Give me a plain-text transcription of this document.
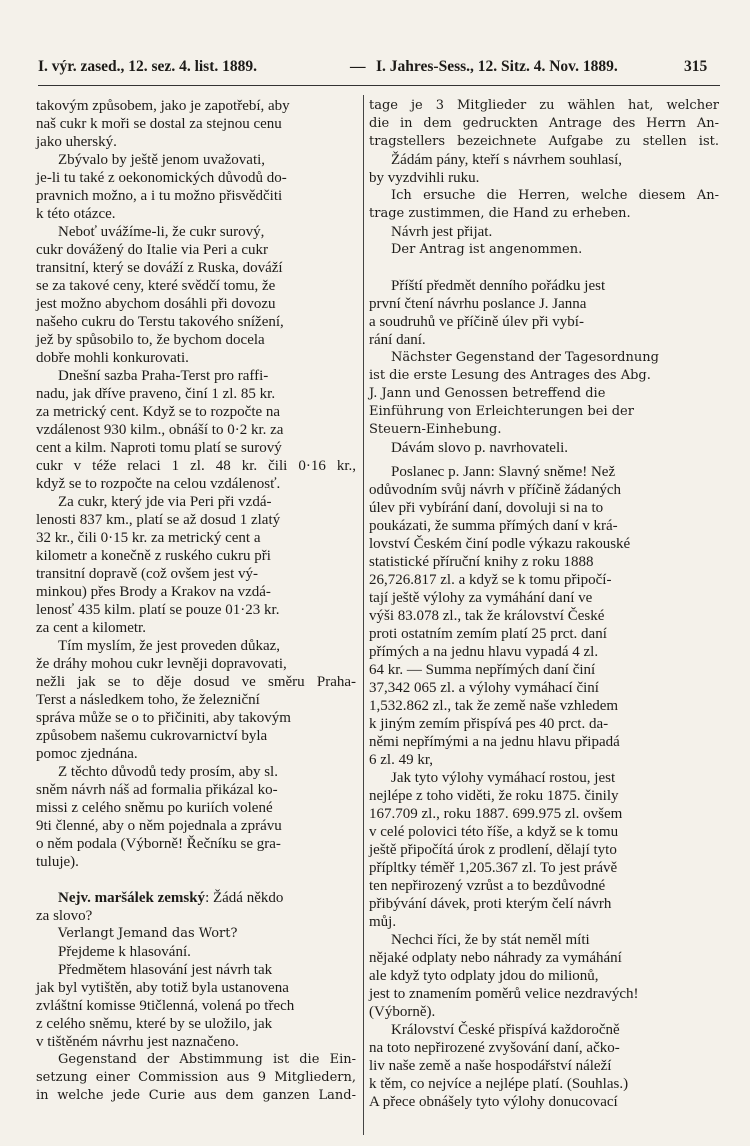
I. výr. zased., 12. sez. 4. list. 1889.	— I. Jahres-Sess., 12. Sitz. 4. Nov. 1889.	315
takovým způsobem, jako je zapotřebí, aby
naš cukr k moři se dostal za stejnou cenu
jako uherský.
Zbývalo by ještě jenom uvažovati,
je-li tu také z oekonomických důvodů do-
pravnich možno, a i tu možno přisvědčiti
k této otázce.
Neboť uvážíme-li, že cukr surový,
cukr dovážený do Italie via Peri a cukr
transitní, který se dováží z Ruska, dováží
se za takové ceny, které svědčí tomu, že
jest možno abychom dosáhli při dovozu
našeho cukru do Terstu takového snížení,
jež by spůsobilo to, že bychom docela
dobře mohli konkurovati.
Dnešní sazba Praha-Terst pro raffi-
nadu, jak dříve praveno, činí 1 zl. 85 kr.
za metrický cent. Když se to rozpočte na
vzdálenost 930 kilm., obnáší to 0·2 kr. za
cent a kilm. Naproti tomu platí se surový
cukr v téže relaci 1 zl. 48 kr. čili 0·16 kr.,
když se to rozpočte na celou vzdálenosť.
Za cukr, který jde via Peri při vzdá-
lenosti 837 km., platí se až dosud 1 zlatý
32 kr., čili 0·15 kr. za metrický cent a
kilometr a konečně z ruského cukru při
transitní dopravě (což ovšem jest vý-
minkou) přes Brody a Krakov na vzdá-
lenosť 435 kilm. platí se pouze 01·23 kr.
za cent a kilometr.
Tím myslím, že jest proveden důkaz,
že dráhy mohou cukr levněji dopravovati,
nežli jak se to děje dosud ve směru Praha-
Terst a následkem toho, že železniční
správa může se o to přičiniti, aby takovým
způsobem našemu cukrovarnictví byla
pomoc zjednána.
Z těchto důvodů tedy prosím, aby sl.
sněm návrh náš ad formalia přikázal ko-
missi z celého sněmu po kuriích volené
9ti členné, aby o něm pojednala a zprávu
o něm podala (Výborně! Řečníku se gra-
tuluje).
Nejv. maršálek zemský: Žádá někdo
za slovo?
Verlangt Jemand das Wort?
Přejdeme k hlasování.
Předmětem hlasování jest návrh tak
jak byl vytištěn, aby totiž byla ustanovena
zvláštní komisse 9tičlenná, volená po třech
z celého sněmu, které by se uložilo, jak
v tištěném návrhu jest naznačeno.
Gegenstand der Abstimmung ist die Ein-
setzung einer Commission aus 9 Mitgliedern,
in welche jede Curie aus dem ganzen Land-
tage je 3 Mitglieder zu wählen hat, welcher
die in dem gedruckten Antrage des Herrn An-
tragstellers bezeichnete Aufgabe zu stellen ist.
Žádám pány, kteří s návrhem souhlasí,
by vyzdvihli ruku.
Ich ersuche die Herren, welche diesem An-
trage zustimmen, die Hand zu erheben.
Návrh jest přijat.
Der Antrag ist angenommen.
Příští předmět denního pořádku jest
první čtení návrhu poslance J. Janna
a soudruhů ve příčině úlev při vybí-
rání daní.
Nächster Gegenstand der Tagesordnung
ist die erste Lesung des Antrages des Abg.
J. Jann und Genossen betreffend die
Einführung von Erleichterungen bei der
Steuern-Einhebung.
Dávám slovo p. navrhovateli.
Poslanec p. Jann: Slavný sněme! Než
odůvodním svůj návrh v příčině žádaných
úlev při vybírání daní, dovoluji si na to
poukázati, že summa přímých daní v krá-
lovství Českém činí podle výkazu rakouské
statistické příruční knihy z roku 1888
26,726.817 zl. a když se k tomu připočí-
tají ještě výlohy za vymáhání daní ve
výši 83.078 zl., tak že království České
proti ostatním zemím platí 25 prct. daní
přímých a na jednu hlavu vypadá 4 zl.
64 kr. — Summa nepřímých daní činí
37,342 065 zl. a výlohy vymáhací činí
1,532.862 zl., tak že země naše vzhledem
k jiným zemím přispívá pes 40 prct. da-
němi nepřímými a na jednu hlavu připadá
6 zl. 49 kr,
Jak tyto výlohy vymáhací rostou, jest
nejlépe z toho viděti, že roku 1875. činily
167.709 zl., roku 1887. 699.975 zl. ovšem
v celé polovici této říše, a když se k tomu
ještě připočítá úrok z prodlení, dělají tyto
přípltky téměř 1,205.367 zl. To jest právě
ten nepřirozený vzrůst a to bezdůvodné
přibývání dávek, proti kterým čelí návrh
můj.
Nechci říci, že by stát neměl míti
nějaké odplaty nebo náhrady za vymáhání
ale když tyto odplaty jdou do milionů,
jest to znamením poměrů velice nezdravých!
(Výborně).
Království České přispívá každoročně
na toto nepřirozené zvyšování daní, ačko-
liv naše země a naše hospodářství náleží
k těm, co nejvíce a nejlépe platí. (Souhlas.)
A přece obnášely tyto výlohy donucovací
